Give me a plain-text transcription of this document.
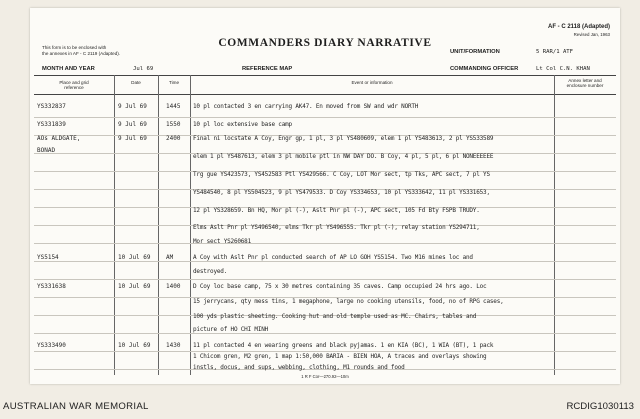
This form is to be enclosed with
the annexes in AF - C 2119 (Adapted).
AF - C 2118 (Adapted)
Revised Jan, 1963
COMMANDERS DIARY NARRATIVE
UNIT/FORMATION	5 RAR/1 ATF
MONTH AND YEAR	Jul 69	REFERENCE MAP	COMMANDING OFFICER	Lt Col C.N. KHAN
Place and grid
reference
Date	Time	Event or information	Annex letter and
enclosure number
YS332837	9 Jul 69	1445 10 pl contacted 3 en carrying AK47. En moved from SW and wdr NORTH
YS331839	9 Jul 69	1550 10 pl loc extensive base camp
AOs ALDGATE,
BONAD
9 Jul 69	2400 Final ni locstate A Coy, Engr gp, 1 pl, 3 pl YS480609, elem 1 pl YS483613, 2 pl YS533589
elem 1 pl YS487613, elem 3 pl mobile ptl in NW DAY DO. B Coy, 4 pl, 5 pl, 6 pl NONEEEEEE
Trg gue YS423573, YS452583 Ptl YS429566. C Coy, LOT Mor sect, tp Tks, APC sect, 7 pl YS
YS484540, 8 pl YS504523, 9 pl YS479533. D Coy YS334653, 10 pl YS333642, 11 pl YS331653,
12 pl YS328659. Bn HQ, Mor pl (-), Aslt Pnr pl (-), APC sect, 105 Fd Bty FSPB TRUDY.
Elms Aslt Pnr pl YS496540, elms Tkr pl YS496555. Tkr pl (-), relay station YS294711,
Mor sect YS260681
YS5154	10 Jul 69	AM	A Coy with Aslt Pnr pl conducted search of AP LO GOH YS5154. Two M16 mines loc and
destroyed.
YS331638	10 Jul 69	1400 D Coy loc base camp, 75 x 30 metres containing 35 caves. Camp occupied 24 hrs ago. Loc
15 jerrycans, qty mess tins, 1 megaphone, large no cooking utensils, food, no of RPG cases,
100 yds plastic sheeting. Cooking hut and old temple used as MC. Chairs, tables and
picture of HO CHI MINH
YS333490	10 Jul 69	1430 11 pl contacted 4 en wearing greens and black pyjamas. 1 en KIA (BC), 1 WIA (BT), 1 pack
1 Chicom gren, M2 gren, 1 map 1:50,000 BARIA - BIEN HOA, A traces and overlays showing
instls, docus, and sups, webbing, clothing, M1 rounds and food
1 R F Cor—270.92—10m
AUSTRALIAN WAR MEMORIAL	RCDIG1030113
